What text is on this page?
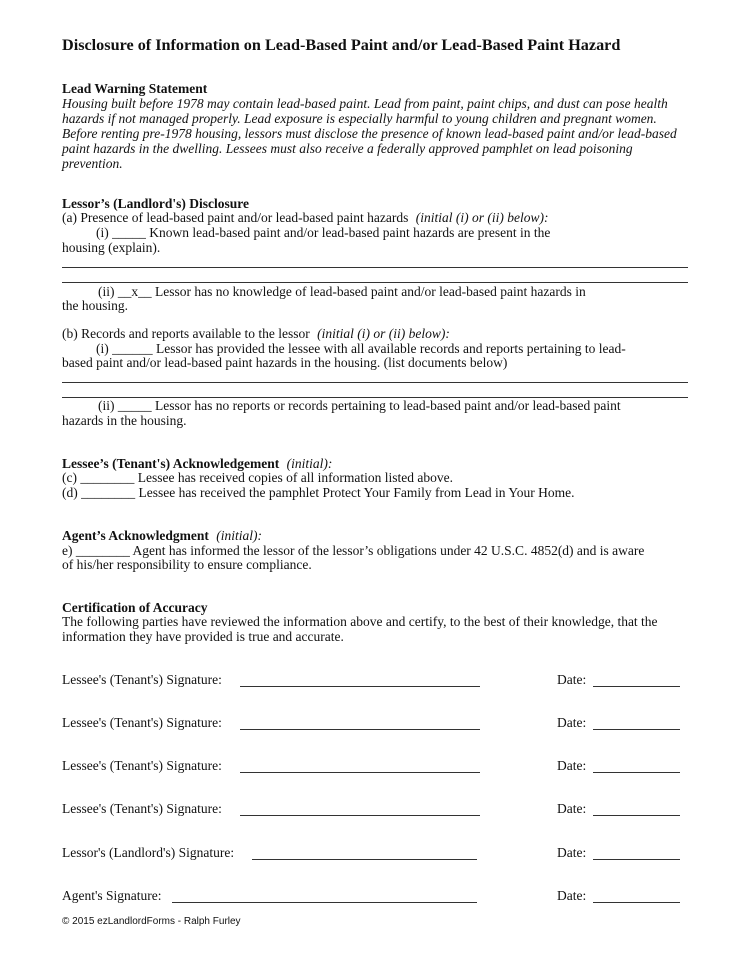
Disclosure of Information on Lead-Based Paint and/or Lead-Based Paint Hazard
Lead Warning Statement
Housing built before 1978 may contain lead-based paint. Lead from paint, paint chips, and dust can pose health hazards if not managed properly. Lead exposure is especially harmful to young children and pregnant women. Before renting pre-1978 housing, lessors must disclose the presence of known lead-based paint and/or lead-based paint hazards in the dwelling. Lessees must also receive a federally approved pamphlet on lead poisoning prevention.
Lessor’s (Landlord's) Disclosure
(a) Presence of lead-based paint and/or lead-based paint hazards (initial (i) or (ii) below):
(i) _____ Known lead-based paint and/or lead-based paint hazards are present in the
housing (explain).
(ii) __x__ Lessor has no knowledge of lead-based paint and/or lead-based paint hazards in
the housing.
(b) Records and reports available to the lessor (initial (i) or (ii) below):
(i) ______ Lessor has provided the lessee with all available records and reports pertaining to lead-
based paint and/or lead-based paint hazards in the housing. (list documents below)
(ii) _____ Lessor has no reports or records pertaining to lead-based paint and/or lead-based paint
hazards in the housing.
Lessee’s (Tenant's) Acknowledgement (initial):
(c) ________ Lessee has received copies of all information listed above.
(d) ________ Lessee has received the pamphlet Protect Your Family from Lead in Your Home.
Agent’s Acknowledgment (initial):
e) ________ Agent has informed the lessor of the lessor’s obligations under 42 U.S.C. 4852(d) and is aware
of his/her responsibility to ensure compliance.
Certification of Accuracy
The following parties have reviewed the information above and certify, to the best of their knowledge, that the information they have provided is true and accurate.
Lessee's (Tenant's) Signature:	Date:
Lessee's (Tenant's) Signature:	Date:
Lessee's (Tenant's) Signature:	Date:
Lessee's (Tenant's) Signature:	Date:
Lessor's (Landlord's) Signature:	Date:
Agent's Signature:	Date:
© 2015 ezLandlordForms - Ralph Furley
